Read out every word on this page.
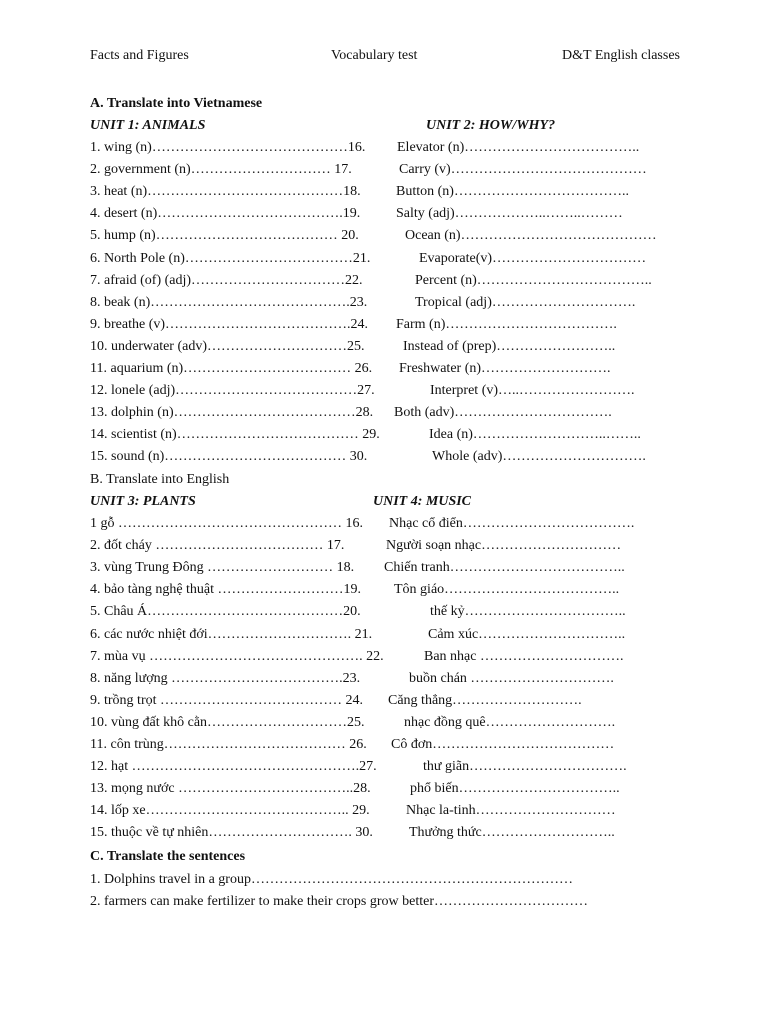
Facts and Figures	Vocabulary test	D&T English classes
A. Translate into Vietnamese
UNIT 1: ANIMALS	UNIT 2: HOW/WHY?
1. wing (n)……………………………………16. Elevator (n)………………………………..
2. government (n)………………………… 17.	Carry (v)……………………………………
3. heat (n)……………………………………18.	Button (n)………………………………..
4. desert (n)………………………………….19.	Salty (adj)………………..……..………
5. hump (n)………………………………… 20.	Ocean (n)……………………………………
6. North Pole (n)………………………………21.	Evaporate(v)……………………………
7. afraid (of) (adj)……………………………22.	Percent (n)………………………………..
8. beak (n)…………………………………….23.	Tropical (adj)………………………….
9. breathe (v)………………………………….24. Farm (n)……………………………….
10. underwater (adv)…………………………25.	Instead of (prep)……………………..
11. aquarium (n)……………………………… 26. Freshwater (n)……………………….
12. lonele (adj)…………………………………27.	Interpret (v)…..…………………….
13. dolphin (n)…………………………………28. Both (adv)…………………………….
14. scientist (n)………………………………… 29.	Idea (n)………………………..……..
15. sound (n)………………………………… 30.	Whole (adv)………………………….
B. Translate into English
UNIT 3: PLANTS	UNIT 4: MUSIC
1 gỗ ………………………………………… 16. Nhạc cổ điển……………………………….
2. đốt cháy ……………………………… 17.	Người soạn nhạc…………………………
3. vùng Trung Đông ……………………… 18. Chiến tranh………………………………..
4. bảo tàng nghệ thuật ………………………19. Tôn giáo………………………………..
5. Châu Á……………………………………20.	thế kỷ……………………………..
6. các nước nhiệt đới…………………………. 21.	Cảm xúc…………………………..
7. mùa vụ ………………………………………. 22.	Ban nhạc ………………………….
8. năng lượng ……………………………….23.	buồn chán ………………………….
9. trồng trọt ………………………………… 24. Căng thẳng……………………….
10. vùng đất khô cằn…………………………25.	nhạc đồng quê……………………….
11. côn trùng………………………………… 26. Cô đơn…………………………………
12. hạt ………………………………………….27.	thư giãn…………………………….
13. mọng nước ………………………………..28.	phổ biến……………………………..
14. lốp xe…………………………………….. 29.	Nhạc la-tinh…………………………
15. thuộc về tự nhiên…………………………. 30.	Thưởng thức………………………..
C. Translate the sentences
1. Dolphins travel in a group……………………………………………………………
2. farmers can make fertilizer to make their crops grow better……………………………
